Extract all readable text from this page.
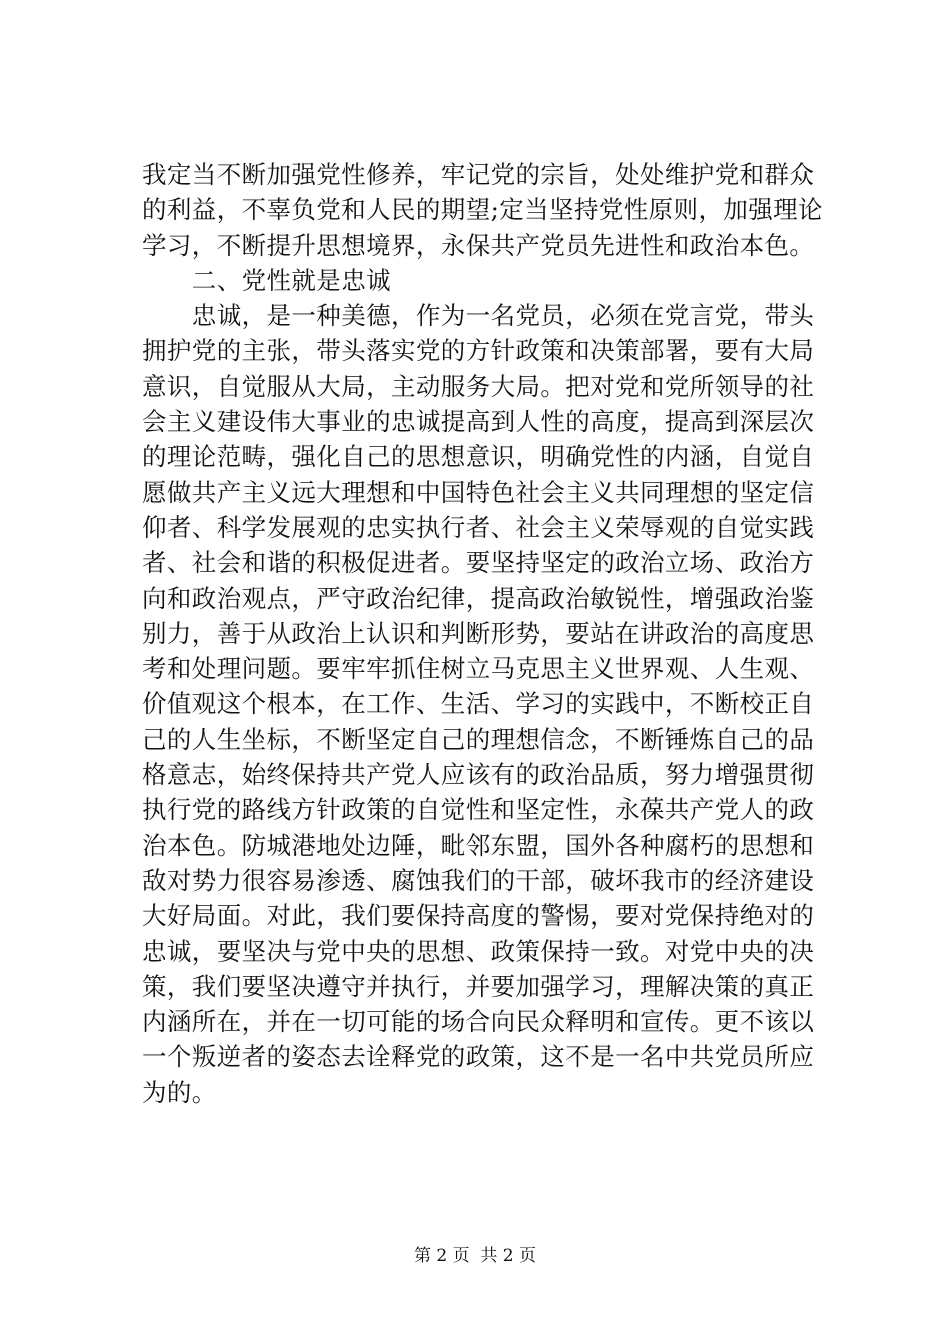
我定当不断加强党性修养，牢记党的宗旨，处处维护党和群众
的利益，不辜负党和人民的期望;定当坚持党性原则，加强理论
学习，不断提升思想境界，永保共产党员先进性和政治本色。
　　二、党性就是忠诚
　　忠诚，是一种美德，作为一名党员，必须在党言党，带头
拥护党的主张，带头落实党的方针政策和决策部署，要有大局
意识，自觉服从大局，主动服务大局。把对党和党所领导的社
会主义建设伟大事业的忠诚提高到人性的高度，提高到深层次
的理论范畴，强化自己的思想意识，明确党性的内涵，自觉自
愿做共产主义远大理想和中国特色社会主义共同理想的坚定信
仰者、科学发展观的忠实执行者、社会主义荣辱观的自觉实践
者、社会和谐的积极促进者。要坚持坚定的政治立场、政治方
向和政治观点，严守政治纪律，提高政治敏锐性，增强政治鉴
别力，善于从政治上认识和判断形势，要站在讲政治的高度思
考和处理问题。要牢牢抓住树立马克思主义世界观、人生观、
价值观这个根本，在工作、生活、学习的实践中，不断校正自
己的人生坐标，不断坚定自己的理想信念，不断锤炼自己的品
格意志，始终保持共产党人应该有的政治品质，努力增强贯彻
执行党的路线方针政策的自觉性和坚定性，永葆共产党人的政
治本色。防城港地处边陲，毗邻东盟，国外各种腐朽的思想和
敌对势力很容易渗透、腐蚀我们的干部，破坏我市的经济建设
大好局面。对此，我们要保持高度的警惕，要对党保持绝对的
忠诚，要坚决与党中央的思想、政策保持一致。对党中央的决
策，我们要坚决遵守并执行，并要加强学习，理解决策的真正
内涵所在，并在一切可能的场合向民众释明和宣传。更不该以
一个叛逆者的姿态去诠释党的政策，这不是一名中共党员所应
为的。
第 2 页  共 2 页
